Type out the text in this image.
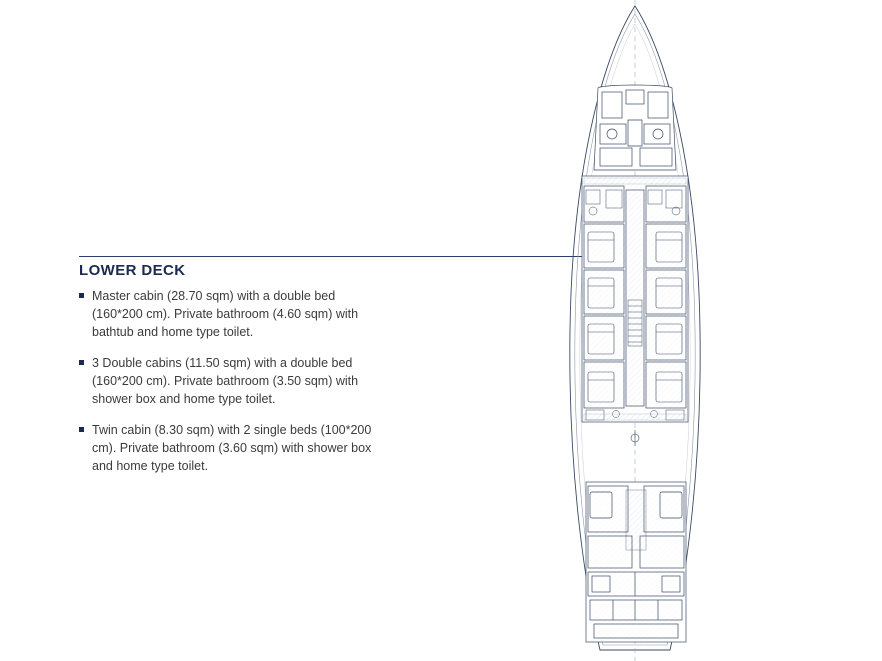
LOWER DECK
Master cabin (28.70 sqm) with a double bed (160*200 cm). Private bathroom (4.60 sqm) with bathtub and home type toilet.
3 Double cabins (11.50 sqm) with a double bed (160*200 cm). Private bathroom (3.50 sqm) with shower box and home type toilet.
Twin cabin (8.30 sqm) with 2 single beds (100*200 cm). Private bathroom (3.60 sqm) with shower box and home type toilet.
